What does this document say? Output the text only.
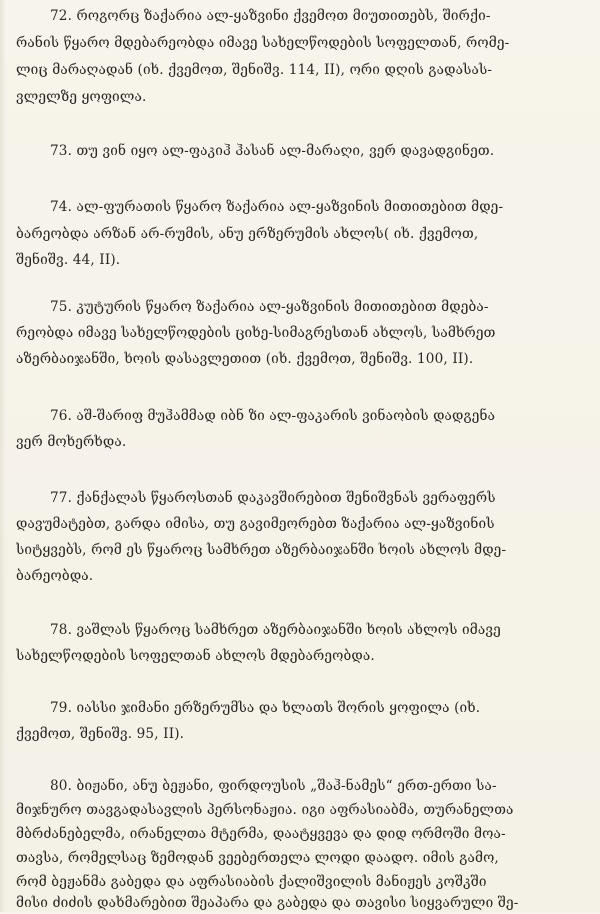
72. როგორც ზაქარია ალ-ყაზვინი ქვემოთ მიუთითებს, შირქი-
რანის წყარო მდებარეობდა იმავე სახელწოდების სოფელთან, რომე-
ლიც მარაღადან (იხ. ქვემოთ, შენიშვ. 114, II), ორი დღის გადასას-
ვლელზე ყოფილა.
73. თუ ვინ იყო ალ-ფაკიჰ ჰასან ალ-მარაღი, ვერ დავადგინეთ.
74. ალ-ფურათის წყარო ზაქარია ალ-ყაზვინის მითითებით მდე-
ბარეობდა არზან არ-რუმის, ანუ ერზერუმის ახლოს( იხ. ქვემოთ,
შენიშვ. 44, II).
75. კუტურის წყარო ზაქარია ალ-ყაზვინის მითითებით მდება-
რეობდა იმავე სახელწოდების ციხე-სიმაგრესთან ახლოს, სამხრეთ
აზერბაიჯანში, ხოის დასავლეთით (იხ. ქვემოთ, შენიშვ. 100, II).
76. აშ-შარიფ მუჰამმად იბნ ზი ალ-ფაკარის ვინაობის დადგენა
ვერ მოხერხდა.
77. ქანქალას წყაროსთან დაკავშირებით შენიშვნას ვერაფერს
დავუმატებთ, გარდა იმისა, თუ გავიმეორებთ ზაქარია ალ-ყაზვინის
სიტყვებს, რომ ეს წყაროც სამხრეთ აზერბაიჯანში ხოის ახლოს მდე-
ბარეობდა.
78. ვაშლას წყაროც სამხრეთ აზერბაიჯანში ხოის ახლოს იმავე
სახელწოდების სოფელთან ახლოს მდებარეობდა.
79. იასსი ჯიმანი ერზერუმსა და ხლათს შორის ყოფილა (იხ.
ქვემოთ, შენიშვ. 95, II).
80. ბიჟანი, ანუ ბეჟანი, ფირდოუსის „შაჰ-ნამეს“ ერთ-ერთი სა-
მიჯნურო თავგადასავლის პერსონაჟია. იგი აფრასიაბმა, თურანელთა
მბრძანებელმა, ირანელთა მტერმა, დაატყვევა და დიდ ორმოში მოა-
თავსა, რომელსაც ზემოდან ვეებერთელა ლოდი დაადო. იმის გამო,
რომ ბეჟანმა გაბედა და აფრასიაბის ქალიშვილის მანიჟეს კოშკში
მისი ძიძის დახმარებით შეაპარა და გაბედა და თავისი სიყვარული შე-
